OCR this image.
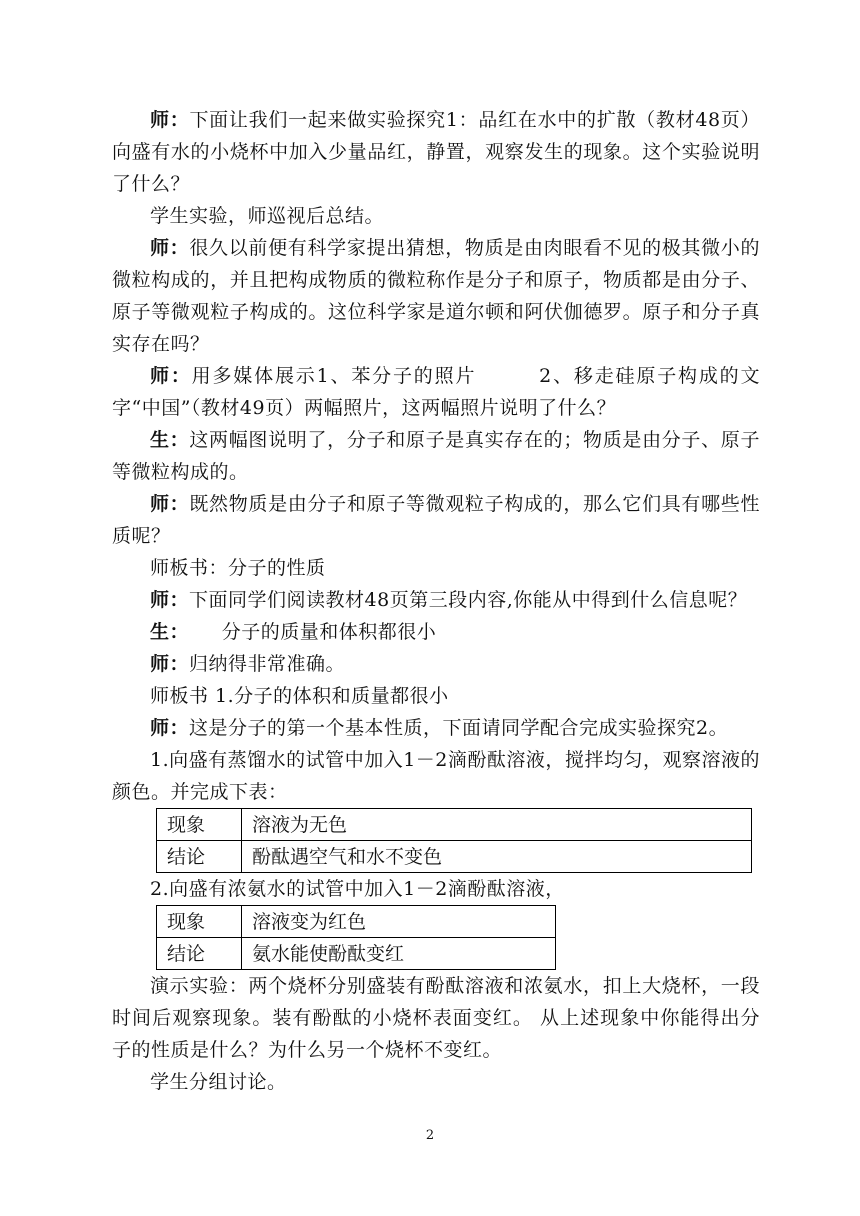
师：下面让我们一起来做实验探究1：品红在水中的扩散（教材48页）向盛有水的小烧杯中加入少量品红，静置，观察发生的现象。这个实验说明了什么？

学生实验，师巡视后总结。

师：很久以前便有科学家提出猜想，物质是由肉眼看不见的极其微小的微粒构成的，并且把构成物质的微粒称作是分子和原子，物质都是由分子、原子等微观粒子构成的。这位科学家是道尔顿和阿伏伽德罗。原子和分子真实存在吗？

师：用多媒体展示1、苯分子的照片        2、移走硅原子构成的文字“中国”（教材49页）两幅照片，这两幅照片说明了什么？

生：这两幅图说明了，分子和原子是真实存在的；物质是由分子、原子等微粒构成的。

师：既然物质是由分子和原子等微观粒子构成的，那么它们具有哪些性质呢？

师板书：分子的性质

师：下面同学们阅读教材48页第三段内容,你能从中得到什么信息呢？

生：     分子的质量和体积都很小

师：归纳得非常准确。

师板书 1.分子的体积和质量都很小

师：这是分子的第一个基本性质，下面请同学配合完成实验探究2。

1.向盛有蒸馏水的试管中加入1－2滴酚酞溶液，搅拌均匀，观察溶液的颜色。并完成下表：

现象	溶液为无色
结论	酚酞遇空气和水不变色

2.向盛有浓氨水的试管中加入1－2滴酚酞溶液，

现象	溶液变为红色
结论	氨水能使酚酞变红

演示实验：两个烧杯分别盛装有酚酞溶液和浓氨水，扣上大烧杯，一段时间后观察现象。装有酚酞的小烧杯表面变红。 从上述现象中你能得出分子的性质是什么？为什么另一个烧杯不变红。

学生分组讨论。

2
